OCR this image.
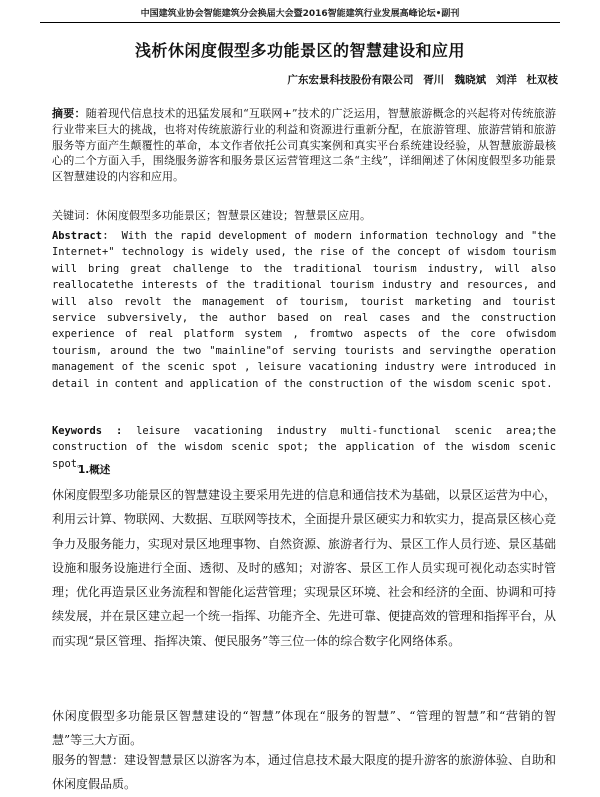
中国建筑业协会智能建筑分会换届大会暨2016智能建筑行业发展高峰论坛•副刊
浅析休闲度假型多功能景区的智慧建设和应用
广东宏景科技股份有限公司 胥川　魏晓斌 刘洋 杜双枝
摘要：随着现代信息技术的迅猛发展和“互联网+”技术的广泛运用，智慧旅游概念的兴起将对传统旅游行业带来巨大的挑战，也将对传统旅游行业的利益和资源进行重新分配，在旅游管理、旅游营销和旅游服务等方面产生颠覆性的革命，本文作者依托公司真实案例和真实平台系统建设经验，从智慧旅游最核心的二个方面入手，围绕服务游客和服务景区运营管理这二条“主线”，详细阐述了休闲度假型多功能景区智慧建设的内容和应用。
关键词：休闲度假型多功能景区；智慧景区建设；智慧景区应用。
Abstract： With the rapid development of modern information technology and "the Internet+" technology is widely used, the rise of the concept of wisdom tourism will bring great challenge to the traditional tourism industry, will also reallocatethe interests of the traditional tourism industry and resources, and will also revolt the management of tourism, tourist marketing and tourist service subversively, the author based on real cases and the construction experience of real platform system , fromtwo aspects of the core ofwisdom tourism, around the two "mainline"of serving tourists and servingthe operation management of the scenic spot , leisure vacationing industry were introduced in detail in content and application of the construction of the wisdom scenic spot.
Keywords : leisure vacationing industry multi-functional scenic area;the construction of the wisdom scenic spot; the application of the wisdom scenic spot。
1.概述
休闲度假型多功能景区的智慧建设主要采用先进的信息和通信技术为基础，以景区运营为中心，利用云计算、物联网、大数据、互联网等技术，全面提升景区硬实力和软实力，提高景区核心竞争力及服务能力，实现对景区地理事物、自然资源、旅游者行为、景区工作人员行迹、景区基础设施和服务设施进行全面、透彻、及时的感知；对游客、景区工作人员实现可视化动态实时管理；优化再造景区业务流程和智能化运营管理；实现景区环境、社会和经济的全面、协调和可持续发展，并在景区建立起一个统一指挥、功能齐全、先进可靠、便捷高效的管理和指挥平台，从而实现“景区管理、指挥决策、便民服务”等三位一体的综合数字化网络体系。
休闲度假型多功能景区智慧建设的“智慧”体现在“服务的智慧”、“管理的智慧”和“营销的智慧”等三大方面。
服务的智慧：建设智慧景区以游客为本，通过信息技术最大限度的提升游客的旅游体验、自助和休闲度假品质。
